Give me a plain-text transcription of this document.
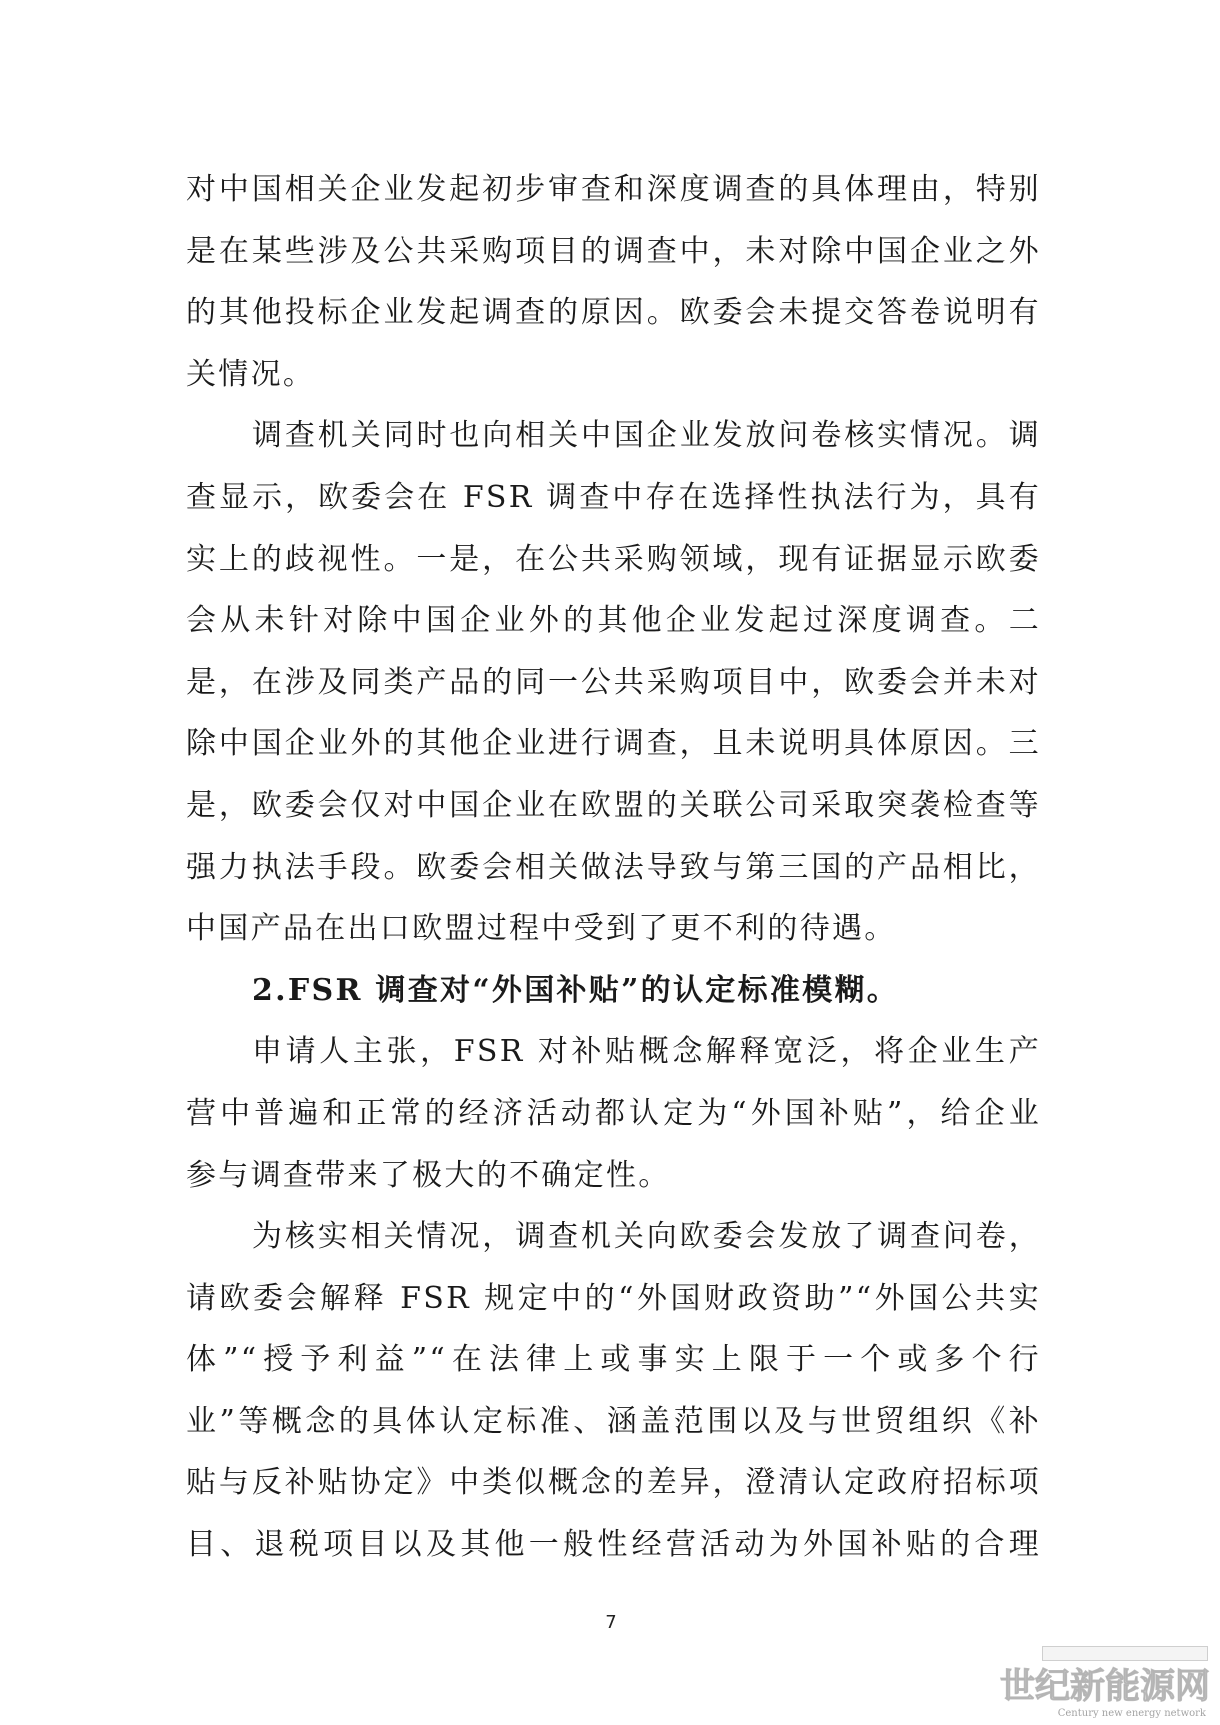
对中国相关企业发起初步审查和深度调查的具体理由，特别
是在某些涉及公共采购项目的调查中，未对除中国企业之外
的其他投标企业发起调查的原因。欧委会未提交答卷说明有
关情况。
调查机关同时也向相关中国企业发放问卷核实情况。调
查显示，欧委会在 FSR 调查中存在选择性执法行为，具有
实上的歧视性。一是，在公共采购领域，现有证据显示欧委
会从未针对除中国企业外的其他企业发起过深度调查。二
是，在涉及同类产品的同一公共采购项目中，欧委会并未对
除中国企业外的其他企业进行调查，且未说明具体原因。三
是，欧委会仅对中国企业在欧盟的关联公司采取突袭检查等
强力执法手段。欧委会相关做法导致与第三国的产品相比，
中国产品在出口欧盟过程中受到了更不利的待遇。
2.FSR 调查对“外国补贴”的认定标准模糊。
申请人主张，FSR 对补贴概念解释宽泛，将企业生产
营中普遍和正常的经济活动都认定为“外国补贴”，给企业
参与调查带来了极大的不确定性。
为核实相关情况，调查机关向欧委会发放了调查问卷，
请欧委会解释 FSR 规定中的“外国财政资助”“外国公共实
体”“授予利益”“在法律上或事实上限于一个或多个行
业”等概念的具体认定标准、涵盖范围以及与世贸组织《补
贴与反补贴协定》中类似概念的差异，澄清认定政府招标项
目、退税项目以及其他一般性经营活动为外国补贴的合理
7
世纪新能源网
Century new energy network
